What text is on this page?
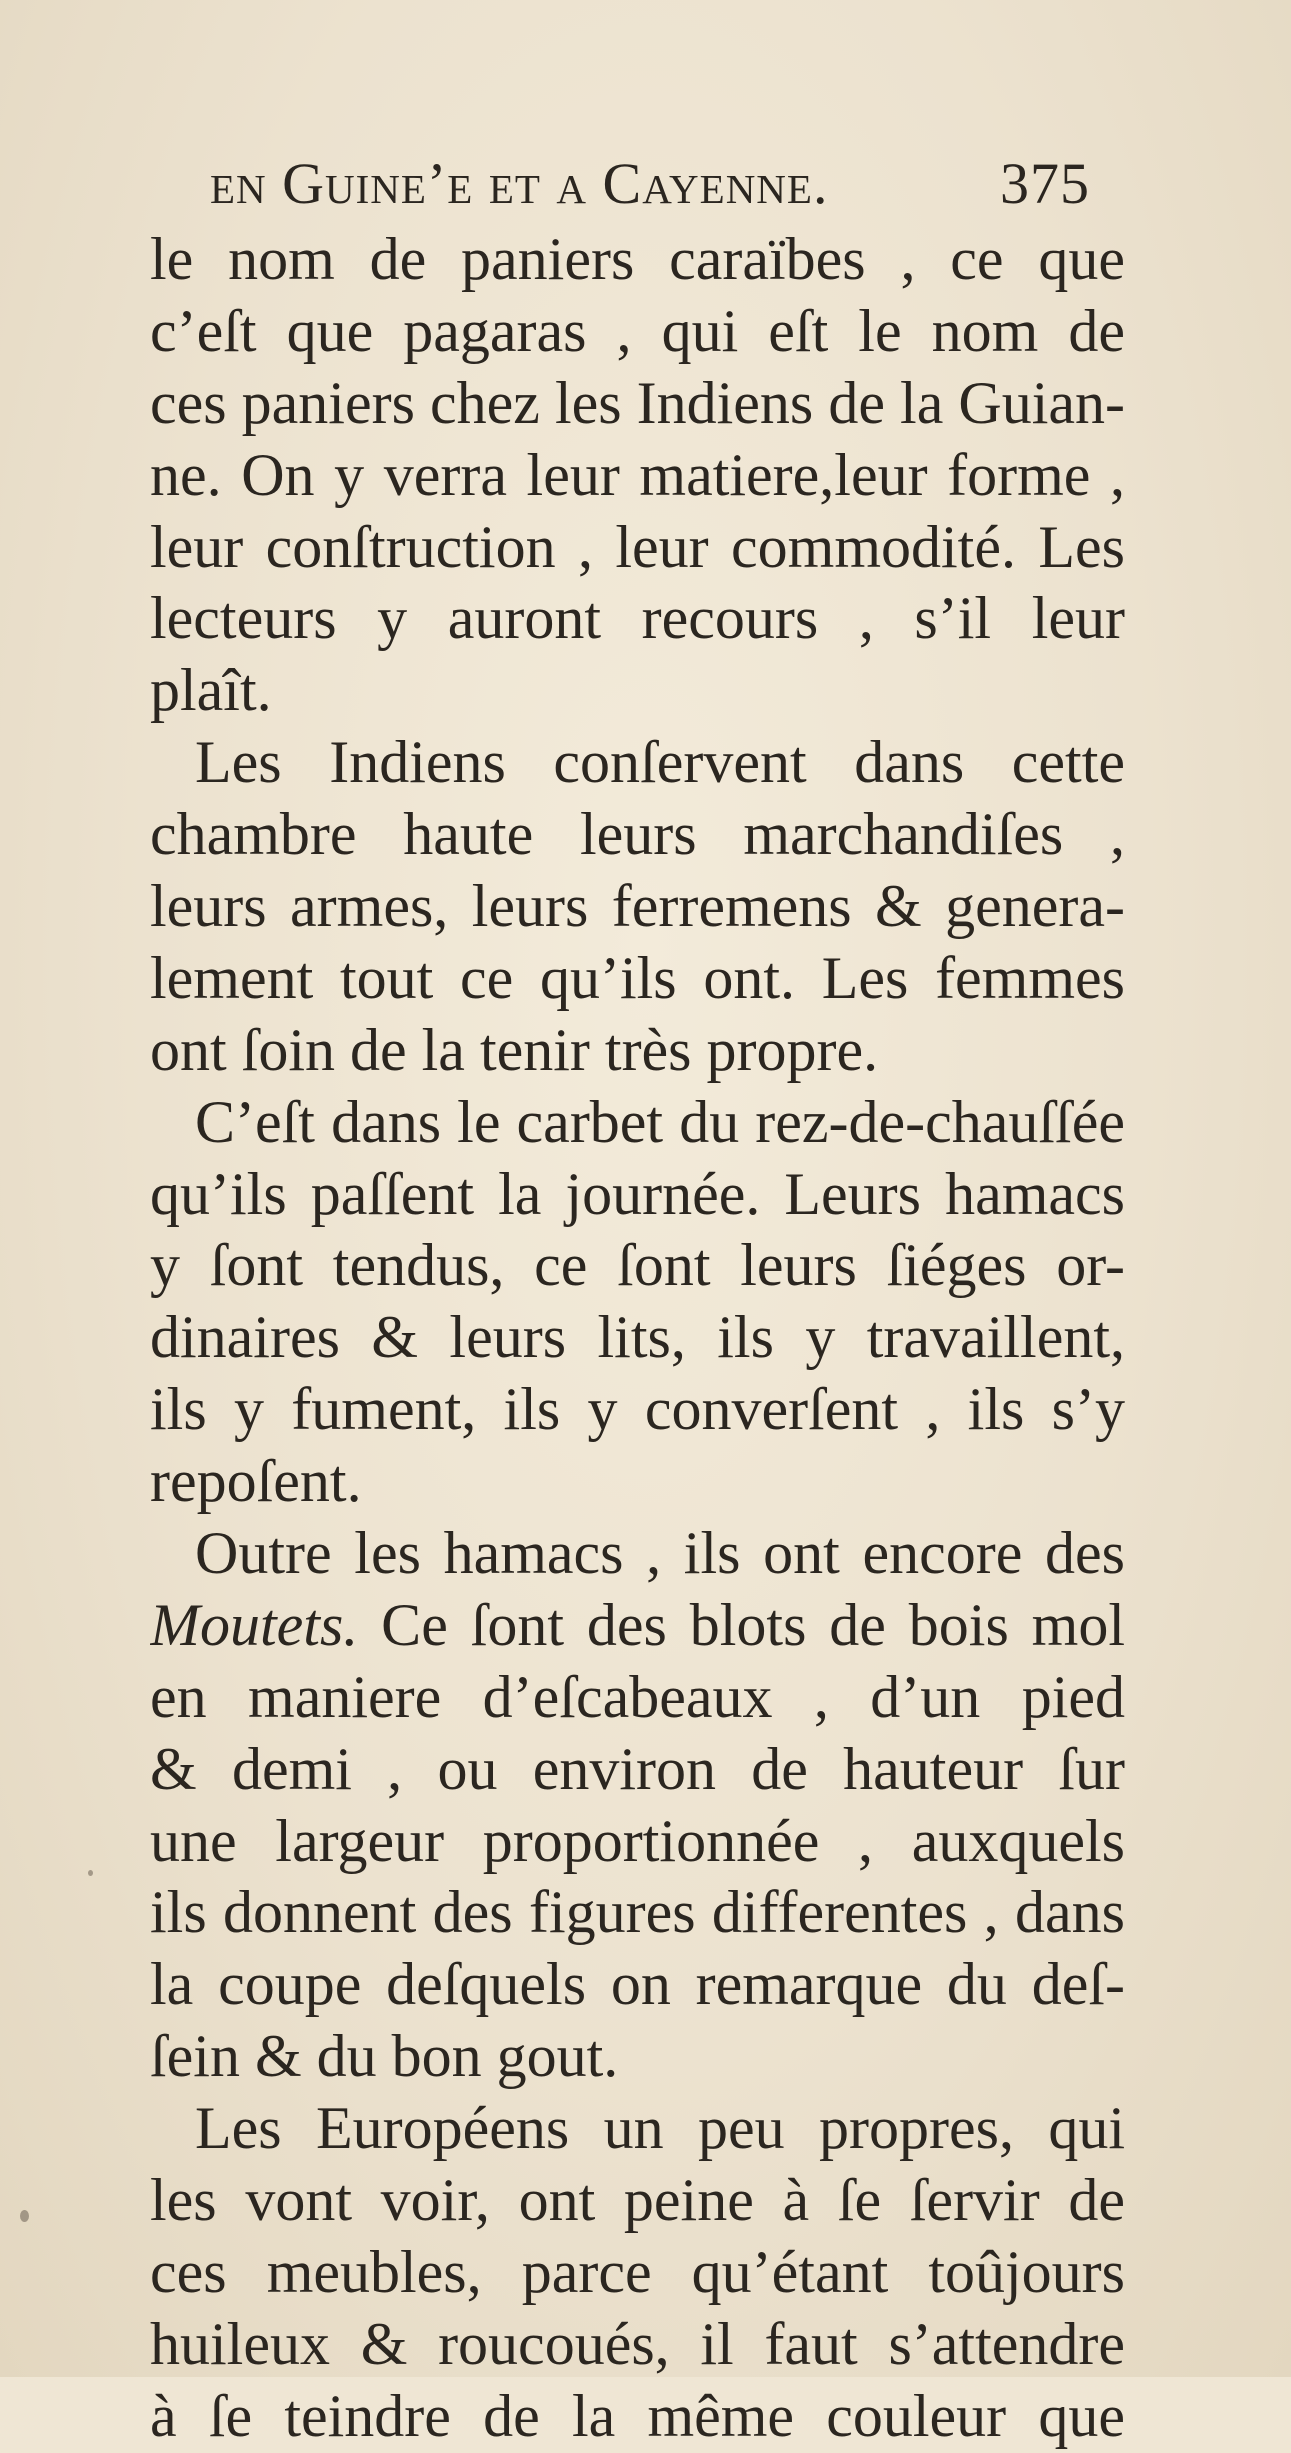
en Guine’e et a Cayenne.	375
le nom de paniers caraïbes , ce que
c’eſt que pagaras , qui eſt le nom de
ces paniers chez les Indiens de la Guian-
ne. On y verra leur matiere,leur forme ,
leur conſtruction , leur commodité. Les
lecteurs y auront recours , s’il leur
plaît.
Les Indiens conſervent dans cette
chambre haute leurs marchandiſes ,
leurs armes, leurs ferremens & genera-
lement tout ce qu’ils ont. Les femmes
ont ſoin de la tenir très propre.
C’eſt dans le carbet du rez-de-chauſſée
qu’ils paſſent la journée. Leurs hamacs
y ſont tendus, ce ſont leurs ſiéges or-
dinaires & leurs lits, ils y travaillent,
ils y fument, ils y converſent , ils s’y
repoſent.
Outre les hamacs , ils ont encore des
Moutets. Ce ſont des blots de bois mol
en maniere d’eſcabeaux , d’un pied
& demi , ou environ de hauteur ſur
une largeur proportionnée , auxquels
ils donnent des figures differentes , dans
la coupe deſquels on remarque du deſ-
ſein & du bon gout.
Les Européens un peu propres, qui
les vont voir, ont peine à ſe ſervir de
ces meubles, parce qu’étant toûjours
huileux & roucoués, il faut s’attendre
à ſe teindre de la même couleur que
